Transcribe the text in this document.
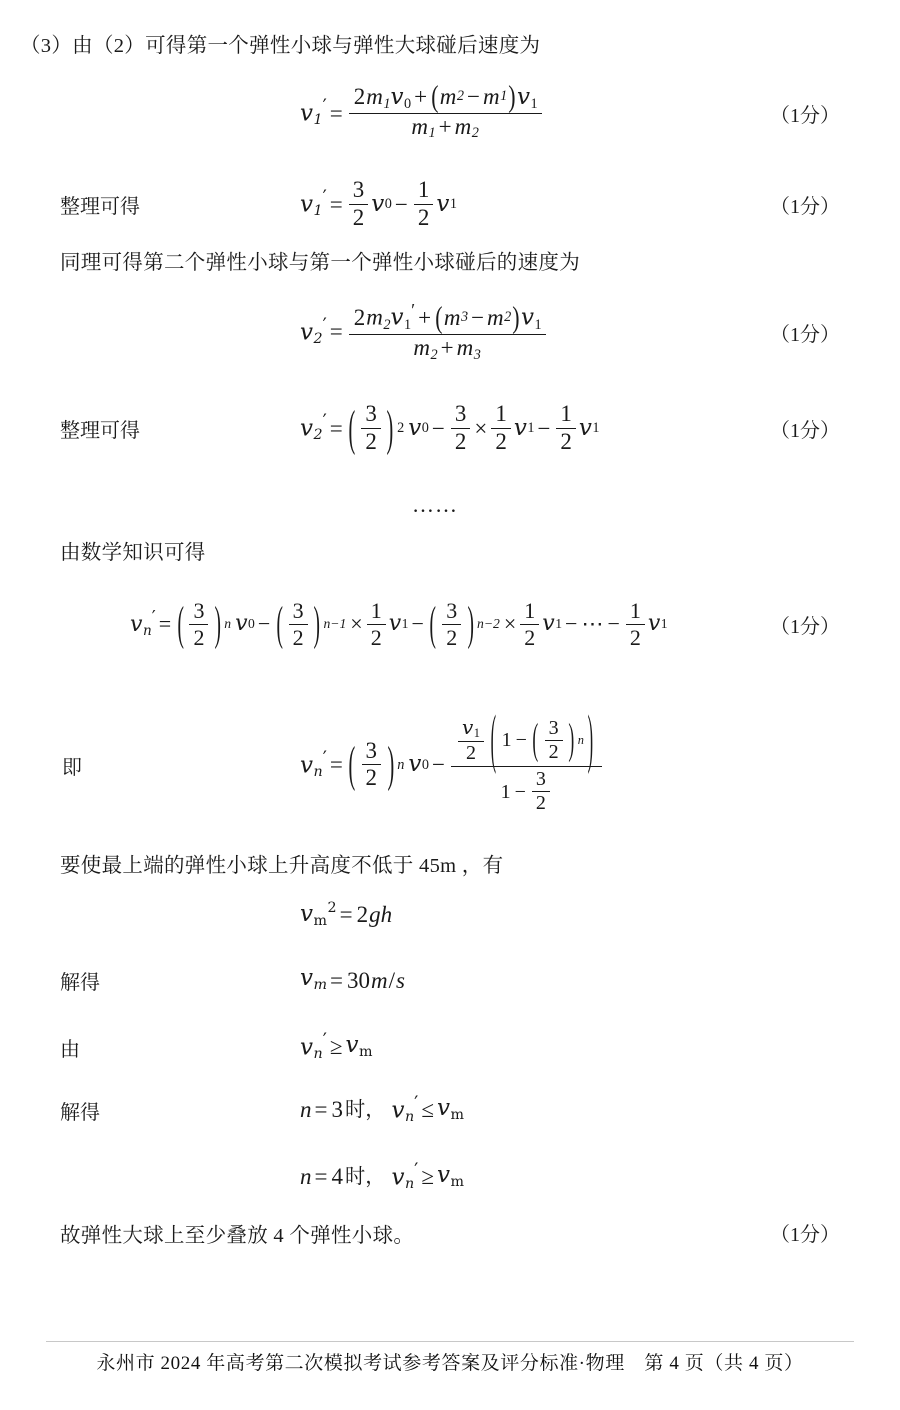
（3）由（2）可得第一个弹性小球与弹性大球碰后速度为
$v_1' = \frac{2m_1v_0 + ( m 2 - m 1 ) v_1}{m_1 + m_2}$	（1分）
整理可得	$v_1' = \frac{3}{2}$ v $0 - \frac{1}{2}$ v 1	（1分）
同理可得第二个弹性小球与第一个弹性小球碰后的速度为
$v_2' = \frac{2m_2v_1' + ( m 3 - m 2 ) v_1}{m_2 + m_3}$	（1分）
整理可得	$v_2'$ = ( $\frac{3}{2}$ ) 2 v $0 - \frac{3}{2} \times \frac{1}{2}$ v $1 - \frac{1}{2}$ v 1	（1分）
……
由数学知识可得
$v_n'$ = ( $\frac{3}{2}$ ) n v 0 − ( $\frac{3}{2}$ ) $n-1 \times \frac{1}{2}$ v 1 − ( $\frac{3}{2}$ ) $n-2 \times \frac{1}{2}$ v 1 − ⋯ − $\frac{1}{2}$ v 1	（1分）
即	$v_n'$ = ( $\frac{3}{2}$ ) n v $0 - \frac{\frac{v_1}{2} ( 1 - ( \frac{3}{2} ) n )}{1 - \frac{3}{2}}$
要使最上端的弹性小球上升高度不低于 45m ，有
$v_m^2 = 2$ gh
解得	$v_m = 30$ m / s
由	$v_n' \ge v_m$
解得	n = 3 时， $v_n' \le v_m$
n = 4 时， $v_n' \ge v_m$
故弹性大球上至少叠放 4 个弹性小球。	（1分）
永州市 2024 年高考第二次模拟考试参考答案及评分标准·物理　第 4 页（共 4 页）
